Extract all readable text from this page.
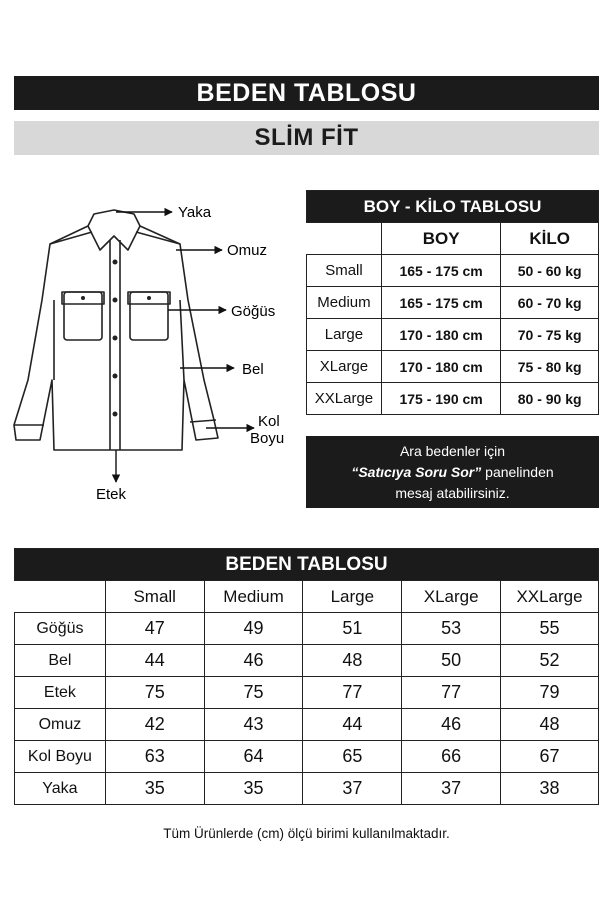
BEDEN TABLOSU
SLİM FİT
Yaka
Omuz
Göğüs
Bel
Kol
Boyu
Etek
BOY - KİLO TABLOSU		
	BOY	KİLO
Small	165 - 175 cm	50 - 60 kg
Medium	165 - 175 cm	60 - 70 kg
Large	170 - 180 cm	70 - 75 kg
XLarge	170 - 180 cm	75 - 80 kg
XXLarge	175 - 190 cm	80 - 90 kg
Ara bedenler için
“Satıcıya Soru Sor” panelinden
mesaj atabilirsiniz.
BEDEN TABLOSU					
	Small	Medium	Large	XLarge	XXLarge
Göğüs	47	49	51	53	55
Bel	44	46	48	50	52
Etek	75	75	77	77	79
Omuz	42	43	44	46	48
Kol Boyu	63	64	65	66	67
Yaka	35	35	37	37	38
Tüm Ürünlerde (cm) ölçü birimi kullanılmaktadır.
